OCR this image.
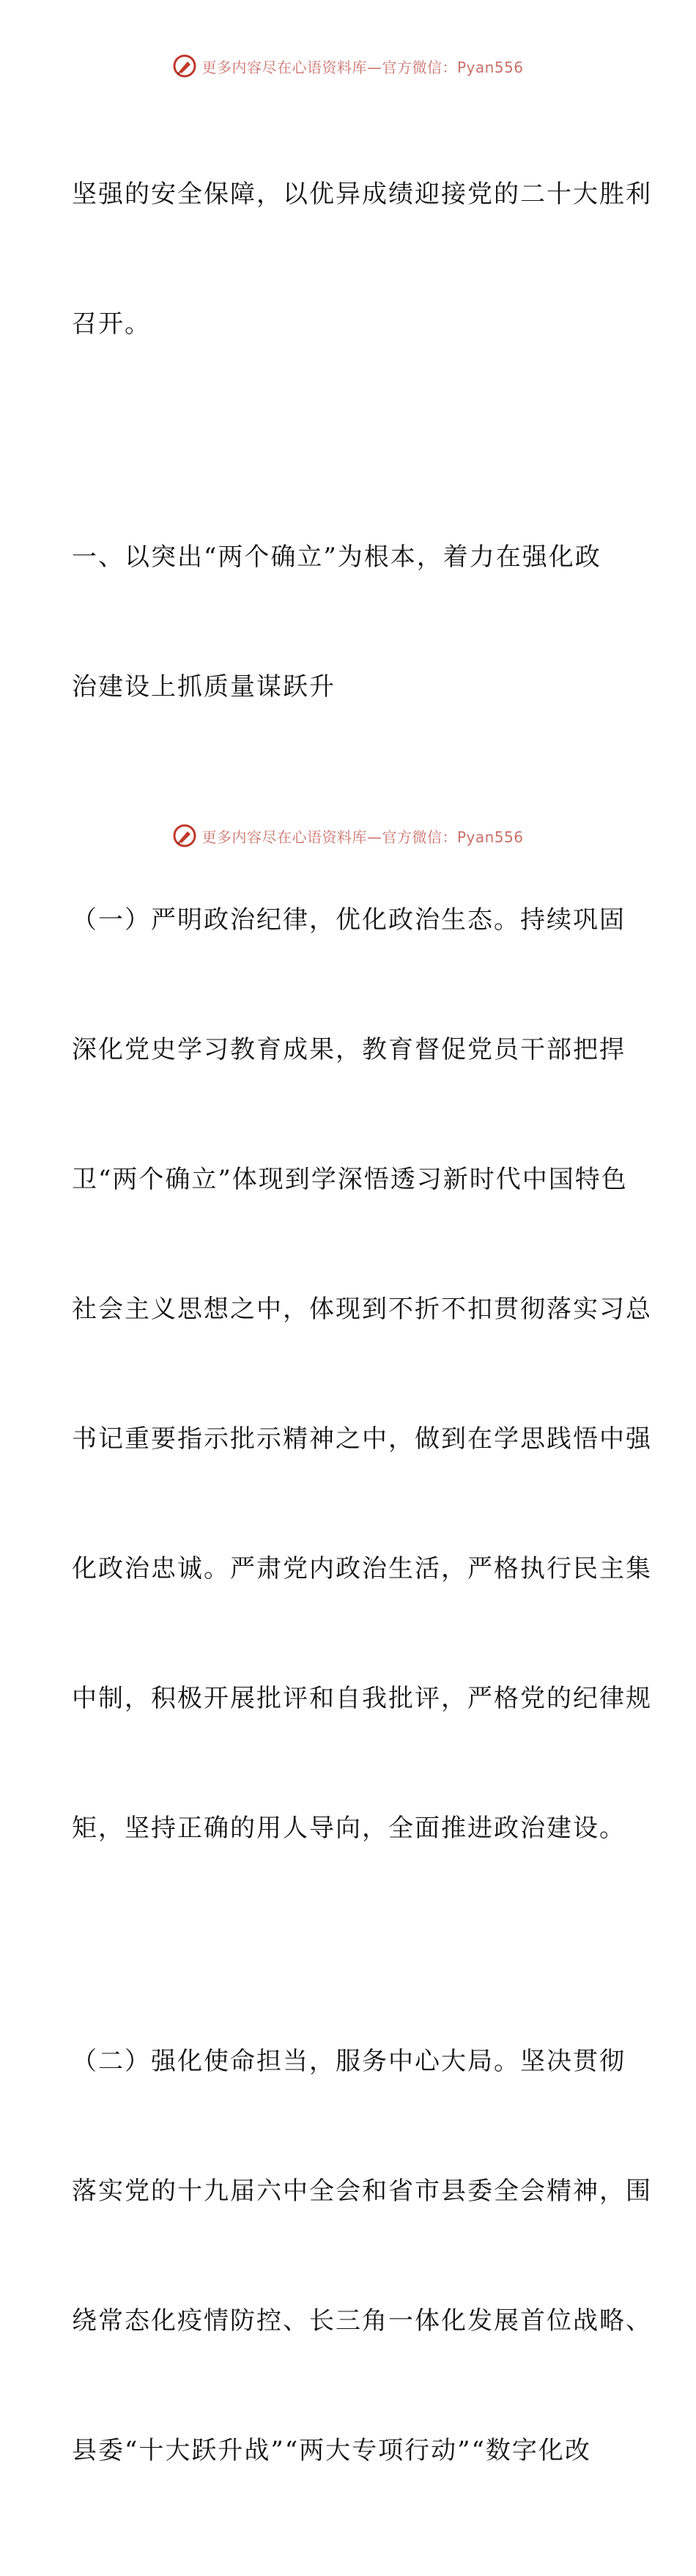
更多内容尽在心语资料库—官方微信：Pyan556

坚强的安全保障，以优异成绩迎接党的二十大胜利

召开。

一、以突出“两个确立”为根本，着力在强化政

治建设上抓质量谋跃升

（一）严明政治纪律，优化政治生态。持续巩固

深化党史学习教育成果，教育督促党员干部把捍

卫“两个确立”体现到学深悟透习新时代中国特色

社会主义思想之中，体现到不折不扣贯彻落实习总

书记重要指示批示精神之中，做到在学思践悟中强

化政治忠诚。严肃党内政治生活，严格执行民主集

中制，积极开展批评和自我批评，严格党的纪律规

矩，坚持正确的用人导向，全面推进政治建设。

（二）强化使命担当，服务中心大局。坚决贯彻

落实党的十九届六中全会和省市县委全会精神，围

绕常态化疫情防控、长三角一体化发展首位战略、

县委“十大跃升战”“两大专项行动”“数字化改

更多内容尽在心语资料库—官方微信：Pyan556
